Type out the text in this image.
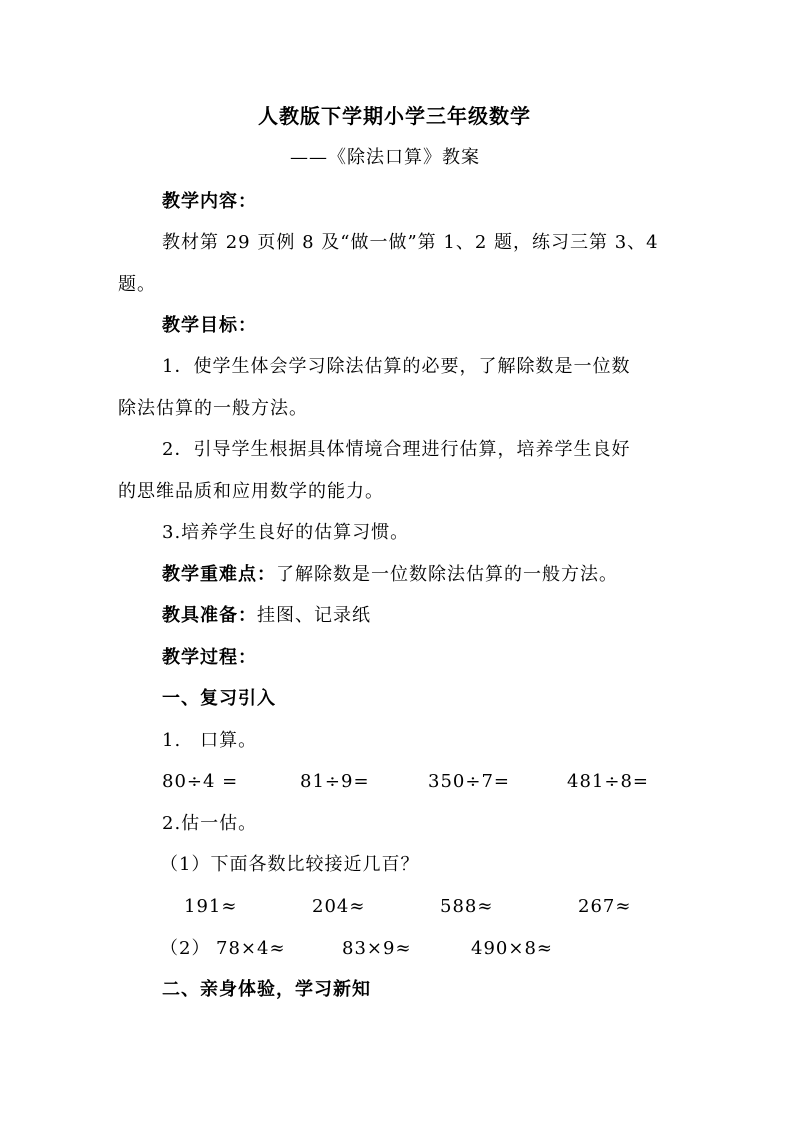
人教版下学期小学三年级数学
——《除法口算》教案
教学内容：
教材第 29 页例 8 及“做一做”第 1、2 题，练习三第 3、4
题。
教学目标：
1．使学生体会学习除法估算的必要，了解除数是一位数
除法估算的一般方法。
2．引导学生根据具体情境合理进行估算，培养学生良好
的思维品质和应用数学的能力。
3.培养学生良好的估算习惯。
教学重难点：了解除数是一位数除法估算的一般方法。
教具准备：挂图、记录纸
教学过程：
一、复习引入
1.　口算。
80÷4 =	81÷9=	350÷7=	481÷8=
2.估一估。
（1）下面各数比较接近几百？
191≈	204≈	588≈	267≈
（2） 78×4≈	83×9≈	490×8≈
二、亲身体验，学习新知
